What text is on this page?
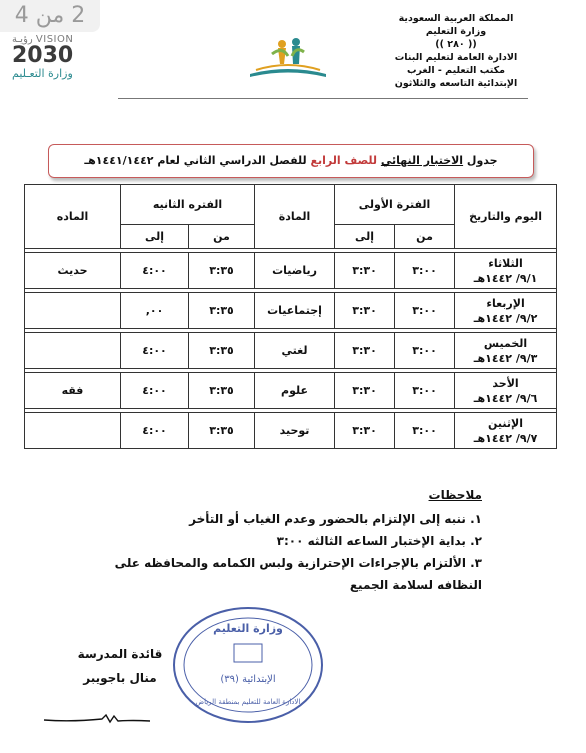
2 من 4
رؤيـة VISION
2030
وزارة التعـليم
المملكة العربية السعودية
وزارة التعليم
(( ٢٨٠ ))
الادارة العامة لتعليم البنات
مكتب التعليم - الغرب
الإبتدائية التاسعه والثلاثون
جدول الاختبار النهائي للصف الرابع للفصل الدراسي الثاني لعام ١٤٤١/١٤٤٢هـ
اليوم والتاريخ	الفترة الأولى		المادة	الفتره الثانيه		الماده
	من	إلى		من	إلى	

الثلاثاء
٩/١/ ١٤٤٢هـ	٣:٠٠	٣:٣٠	رياضيات	٣:٣٥	٤:٠٠	حديث

الإربعاء
٩/٢/ ١٤٤٢هـ	٣:٠٠	٣:٣٠	إجتماعيات	٣:٣٥	٠٠,	

الخميس
٩/٣/ ١٤٤٢هـ	٣:٠٠	٣:٣٠	لغتي	٣:٣٥	٤:٠٠	

الأحد
٩/٦/ ١٤٤٢هـ	٣:٠٠	٣:٣٠	علوم	٣:٣٥	٤:٠٠	فقه

الإثنين
٩/٧/ ١٤٤٢هـ	٣:٠٠	٣:٣٠	توحيد	٣:٣٥	٤:٠٠	
ملاحظات
١. ننبه إلى الإلتزام بالحضور وعدم الغياب أو التأخر
٢. بداية الإختبار الساعه الثالثه ٣:٠٠
٣. الألتزام بالإجراءات الإحترازية ولبس الكمامه والمحافظه على النظافه لسلامة الجميع
وزارة التعليم
الإبتدائية (٣٩)
الادارة العامة للتعليم بمنطقة الرياض
قائدة المدرسة
منال باجويبر
